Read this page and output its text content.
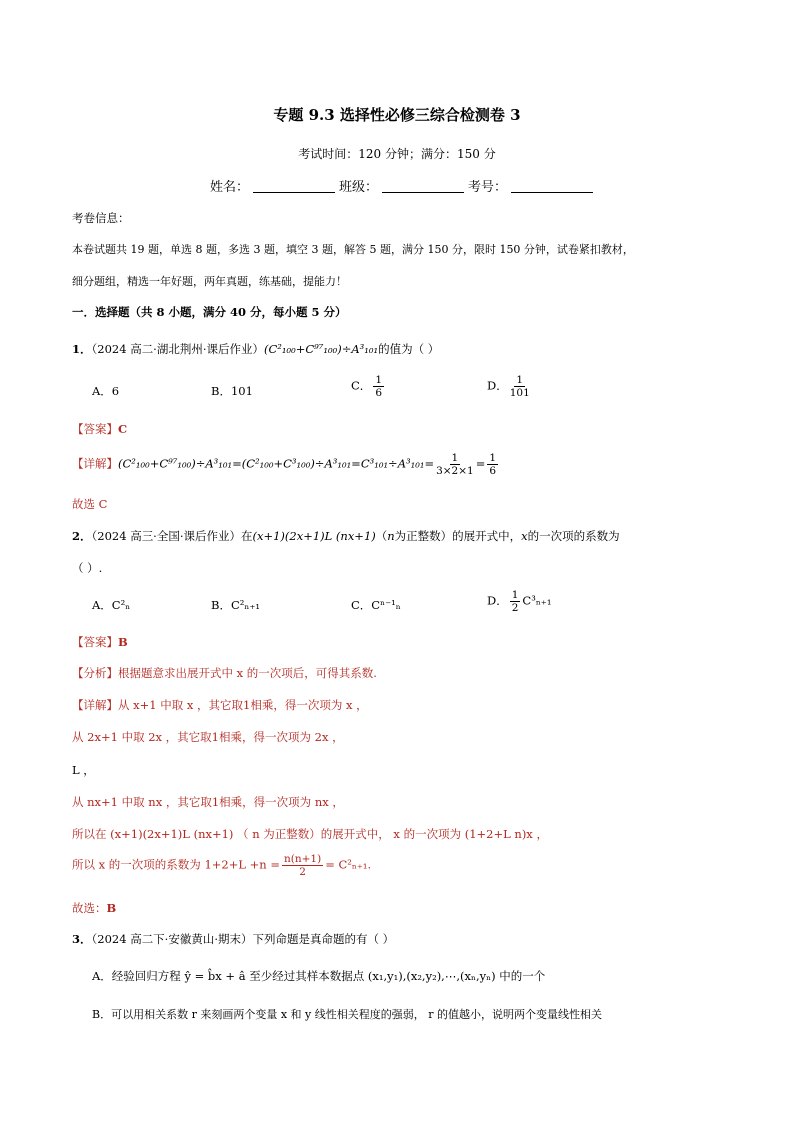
专题 9.3 选择性必修三综合检测卷 3
考试时间：120 分钟；满分：150 分
姓名：	班级：	考号：
考卷信息：
本卷试题共 19 题，单选 8 题，多选 3 题，填空 3 题，解答 5 题，满分 150 分，限时 150 分钟，试卷紧扣教材，
细分题组，精选一年好题，两年真题，练基础，提能力！
一．选择题（共 8 小题，满分 40 分，每小题 5 分）
1．（2024 高二·湖北荆州·课后作业）(C²₁₀₀+C⁹⁷₁₀₀)÷A³₁₀₁的值为（ ）
A．6	B．101	C． $\frac{1}{6}$	D． $\frac{1}{101}$
【答案】C
【详解】$(C^2_{100}+C^{97}_{100})\div A^3_{101}=(C^2_{100}+C^3_{100})\div A^3_{101}=C^3_{101}\div A^3_{101}= \frac{1}{3\times 2\times 1} = \frac{1}{6}$
故选 C
2．（2024 高三·全国·课后作业）在(x+1)(2x+1)L (nx+1)（n为正整数）的展开式中，x的一次项的系数为
（ ）.
A．C²ₙ	B．C²ₙ₊₁	C．Cⁿ⁻¹ₙ	D． $\frac{1}{2} C^3_{n+1}$
【答案】B
【分析】根据题意求出展开式中 x 的一次项后，可得其系数.
【详解】从 x+1 中取 x ，其它取1相乘，得一次项为 x ，
从 2x+1 中取 2x ，其它取1相乘，得一次项为 2x ，
L ，
从 nx+1 中取 nx ，其它取1相乘，得一次项为 nx ，
所以在 (x+1)(2x+1)L (nx+1) （ n 为正整数）的展开式中， x 的一次项为 (1+2+L n)x ，
所以 x 的一次项的系数为 $1+2+L +n = \frac{n(n+1)}{2} = C^2_{n+1}$.
故选：B
3．（2024 高二下·安徽黄山·期末）下列命题是真命题的有（ ）
A．经验回归方程 ŷ = b̂x + â 至少经过其样本数据点 (x₁,y₁),(x₂,y₂),⋯,(xₙ,yₙ) 中的一个
B．可以用相关系数 r 来刻画两个变量 x 和 y 线性相关程度的强弱， r 的值越小，说明两个变量线性相关
